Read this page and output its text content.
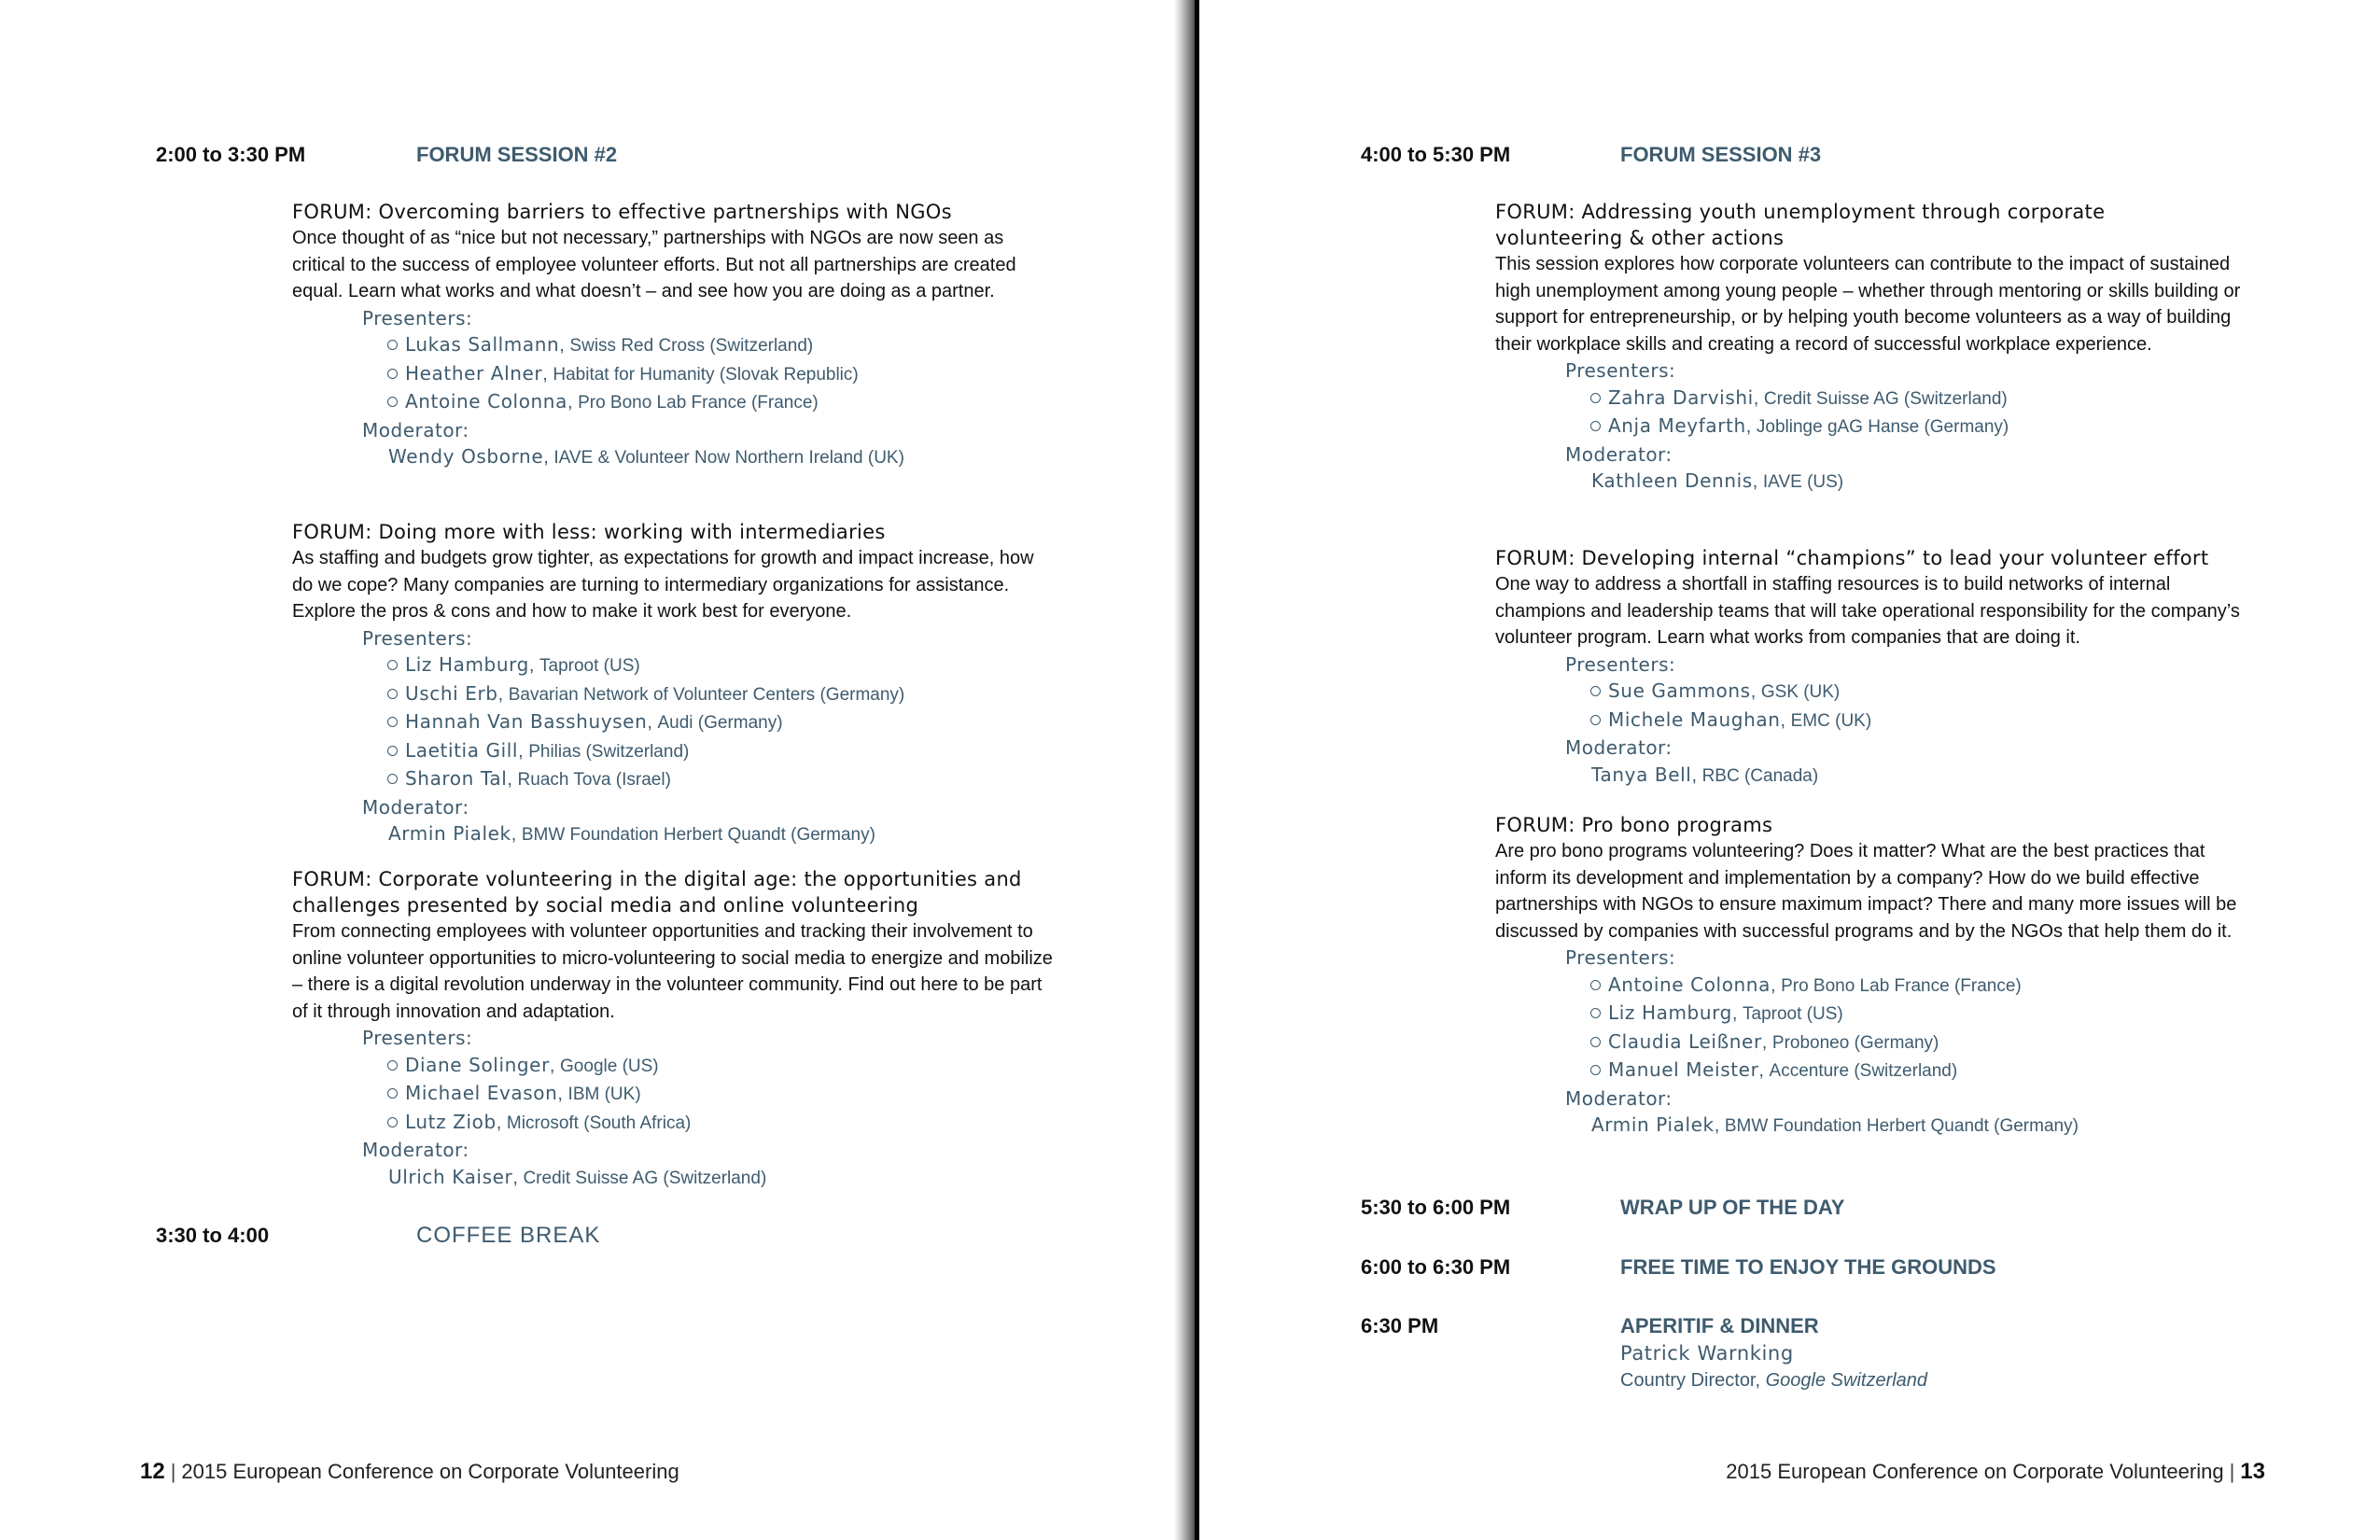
2:00 to 3:30 PM	FORUM SESSION #2
FORUM: Overcoming barriers to effective partnerships with NGOs
Once thought of as “nice but not necessary,” partnerships with NGOs are now seen as critical to the success of employee volunteer efforts. But not all partnerships are created equal. Learn what works and what doesn’t – and see how you are doing as a partner.
Presenters:
Lukas Sallmann, Swiss Red Cross (Switzerland)
Heather Alner, Habitat for Humanity (Slovak Republic)
Antoine Colonna, Pro Bono Lab France (France)
Moderator:
Wendy Osborne, IAVE & Volunteer Now Northern Ireland (UK)
FORUM: Doing more with less: working with intermediaries
As staffing and budgets grow tighter, as expectations for growth and impact increase, how do we cope? Many companies are turning to intermediary organizations for assistance. Explore the pros & cons and how to make it work best for everyone.
Presenters:
Liz Hamburg, Taproot (US)
Uschi Erb, Bavarian Network of Volunteer Centers (Germany)
Hannah Van Basshuysen, Audi (Germany)
Laetitia Gill, Philias (Switzerland)
Sharon Tal, Ruach Tova (Israel)
Moderator:
Armin Pialek, BMW Foundation Herbert Quandt (Germany)
FORUM: Corporate volunteering in the digital age: the opportunities and challenges presented by social media and online volunteering
From connecting employees with volunteer opportunities and tracking their involvement to online volunteer opportunities to micro-volunteering to social media to energize and mobilize – there is a digital revolution underway in the volunteer community. Find out here to be part of it through innovation and adaptation.
Presenters:
Diane Solinger, Google (US)
Michael Evason, IBM (UK)
Lutz Ziob, Microsoft (South Africa)
Moderator:
Ulrich Kaiser, Credit Suisse AG (Switzerland)
3:30 to 4:00	COFFEE BREAK
12 | 2015 European Conference on Corporate Volunteering
4:00 to 5:30 PM	FORUM SESSION #3
FORUM: Addressing youth unemployment through corporate volunteering & other actions
This session explores how corporate volunteers can contribute to the impact of sustained high unemployment among young people – whether through mentoring or skills building or support for entrepreneurship, or by helping youth become volunteers as a way of building their workplace skills and creating a record of successful workplace experience.
Presenters:
Zahra Darvishi, Credit Suisse AG (Switzerland)
Anja Meyfarth, Joblinge gAG Hanse (Germany)
Moderator:
Kathleen Dennis, IAVE (US)
FORUM: Developing internal “champions” to lead your volunteer effort
One way to address a shortfall in staffing resources is to build networks of internal champions and leadership teams that will take operational responsibility for the company’s volunteer program. Learn what works from companies that are doing it.
Presenters:
Sue Gammons, GSK (UK)
Michele Maughan, EMC (UK)
Moderator:
Tanya Bell, RBC (Canada)
FORUM: Pro bono programs
Are pro bono programs volunteering? Does it matter? What are the best practices that inform its development and implementation by a company? How do we build effective partnerships with NGOs to ensure maximum impact? There and many more issues will be discussed by companies with successful programs and by the NGOs that help them do it.
Presenters:
Antoine Colonna, Pro Bono Lab France (France)
Liz Hamburg, Taproot (US)
Claudia Leißner, Proboneo (Germany)
Manuel Meister, Accenture (Switzerland)
Moderator:
Armin Pialek, BMW Foundation Herbert Quandt (Germany)
5:30 to 6:00 PM	WRAP UP OF THE DAY
6:00 to 6:30 PM	FREE TIME TO ENJOY THE GROUNDS
6:30 PM	APERITIF & DINNER
Patrick Warnking
Country Director, Google Switzerland
2015 European Conference on Corporate Volunteering | 13
